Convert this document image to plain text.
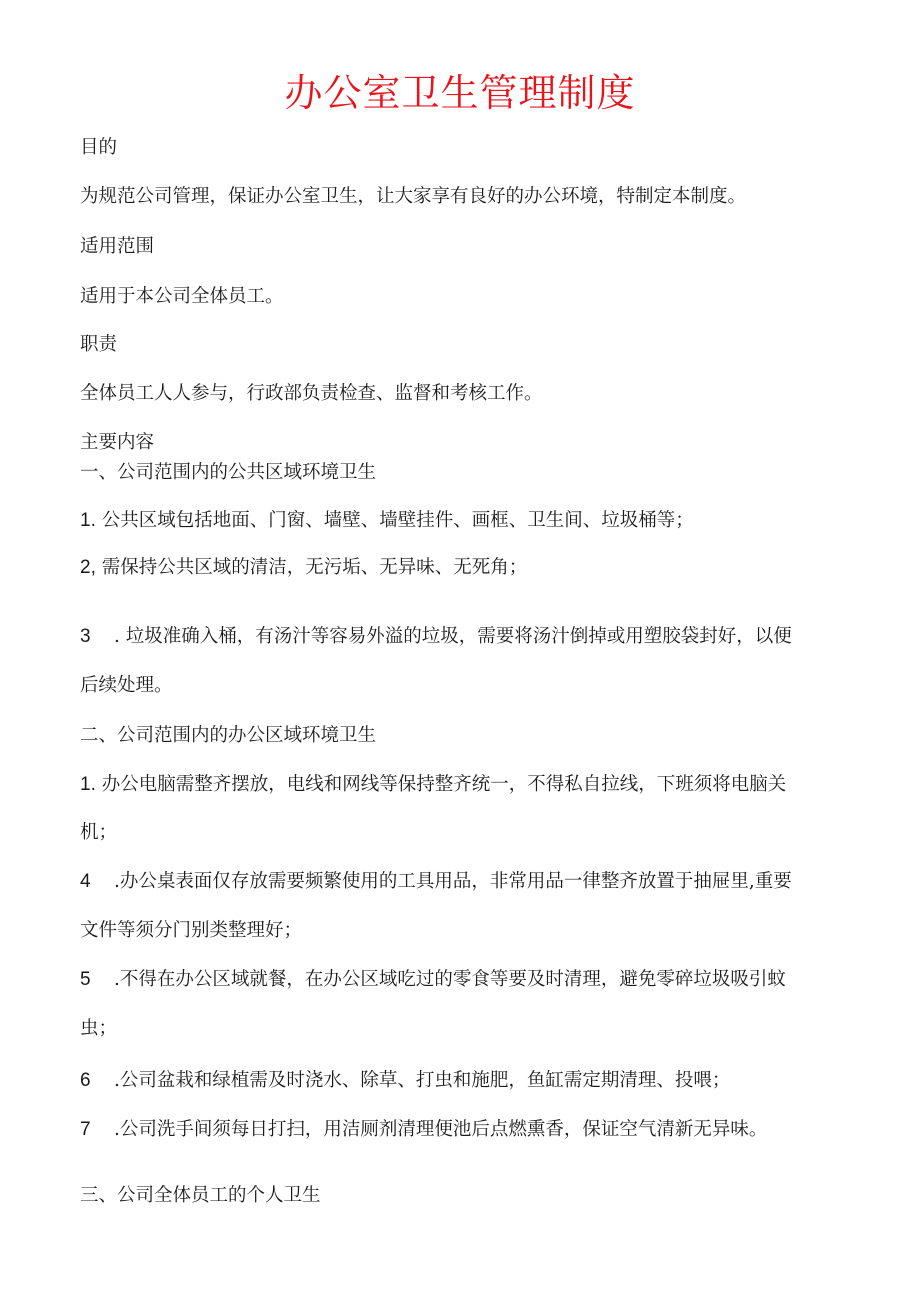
办公室卫生管理制度
目的
为规范公司管理，保证办公室卫生，让大家享有良好的办公环境，特制定本制度。
适用范围
适用于本公司全体员工。
职责
全体员工人人参与，行政部负责检查、监督和考核工作。
主要内容
一、公司范围内的公共区域环境卫生
1. 公共区域包括地面、门窗、墙壁、墙壁挂件、画框、卫生间、垃圾桶等；
2, 需保持公共区域的清洁，无污垢、无异味、无死角；
3 . 垃圾准确入桶，有汤汁等容易外溢的垃圾，需要将汤汁倒掉或用塑胶袋封好，以便
后续处理。
二、公司范围内的办公区域环境卫生
1. 办公电脑需整齐摆放，电线和网线等保持整齐统一，不得私自拉线，下班须将电脑关
机；
4 .办公桌表面仅存放需要频繁使用的工具用品，非常用品一律整齐放置于抽屉里,重要
文件等须分门别类整理好；
5 .不得在办公区域就餐，在办公区域吃过的零食等要及时清理，避免零碎垃圾吸引蚊
虫；
6 .公司盆栽和绿植需及时浇水、除草、打虫和施肥，鱼缸需定期清理、投喂；
7 .公司洗手间须每日打扫，用洁厕剂清理便池后点燃熏香，保证空气清新无异味。
三、公司全体员工的个人卫生
